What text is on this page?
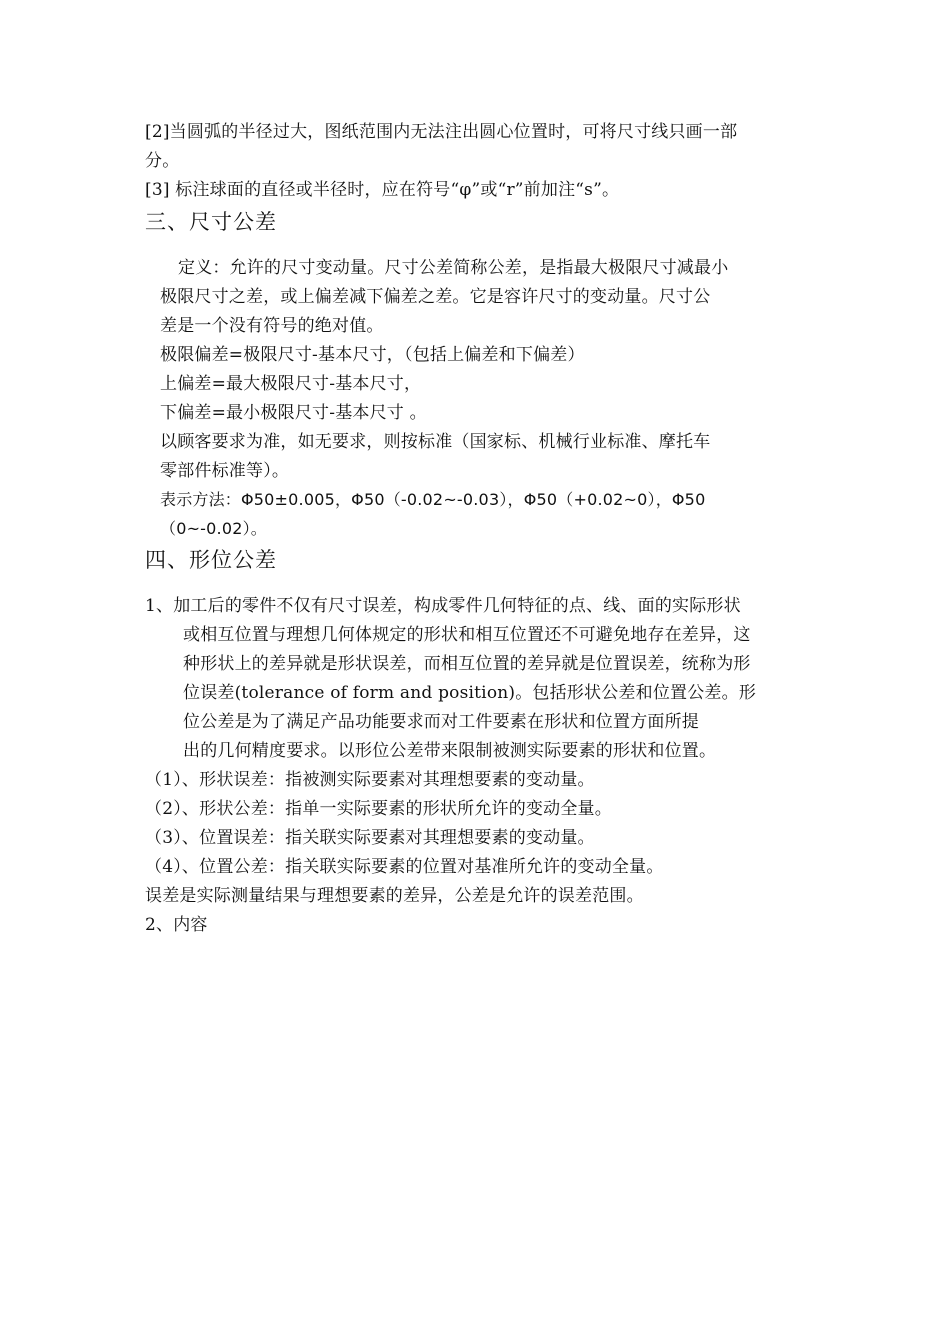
[2]当圆弧的半径过大，图纸范围内无法注出圆心位置时，可将尺寸线只画一部
分。
[3] 标注球面的直径或半径时，应在符号“φ”或“r”前加注“s”。
三、尺寸公差
定义：允许的尺寸变动量。尺寸公差简称公差，是指最大极限尺寸减最小
极限尺寸之差，或上偏差减下偏差之差。它是容许尺寸的变动量。尺寸公
差是一个没有符号的绝对值。
极限偏差=极限尺寸-基本尺寸，（包括上偏差和下偏差）
上偏差=最大极限尺寸-基本尺寸，
下偏差=最小极限尺寸-基本尺寸 。
以顾客要求为准，如无要求，则按标准（国家标、机械行业标准、摩托车
零部件标准等）。
表示方法：Φ50±0.005，Φ50（-0.02~-0.03），Φ50（+0.02~0），Φ50
（0~-0.02）。
四、形位公差
1、加工后的零件不仅有尺寸误差，构成零件几何特征的点、线、面的实际形状
或相互位置与理想几何体规定的形状和相互位置还不可避免地存在差异，这
种形状上的差异就是形状误差，而相互位置的差异就是位置误差，统称为形
位误差(tolerance of form and position)。包括形状公差和位置公差。形
位公差是为了满足产品功能要求而对工件要素在形状和位置方面所提
出的几何精度要求。以形位公差带来限制被测实际要素的形状和位置。
（1）、形状误差：指被测实际要素对其理想要素的变动量。
（2）、形状公差：指单一实际要素的形状所允许的变动全量。
（3）、位置误差：指关联实际要素对其理想要素的变动量。
（4）、位置公差：指关联实际要素的位置对基准所允许的变动全量。
误差是实际测量结果与理想要素的差异，公差是允许的误差范围。
2、内容
